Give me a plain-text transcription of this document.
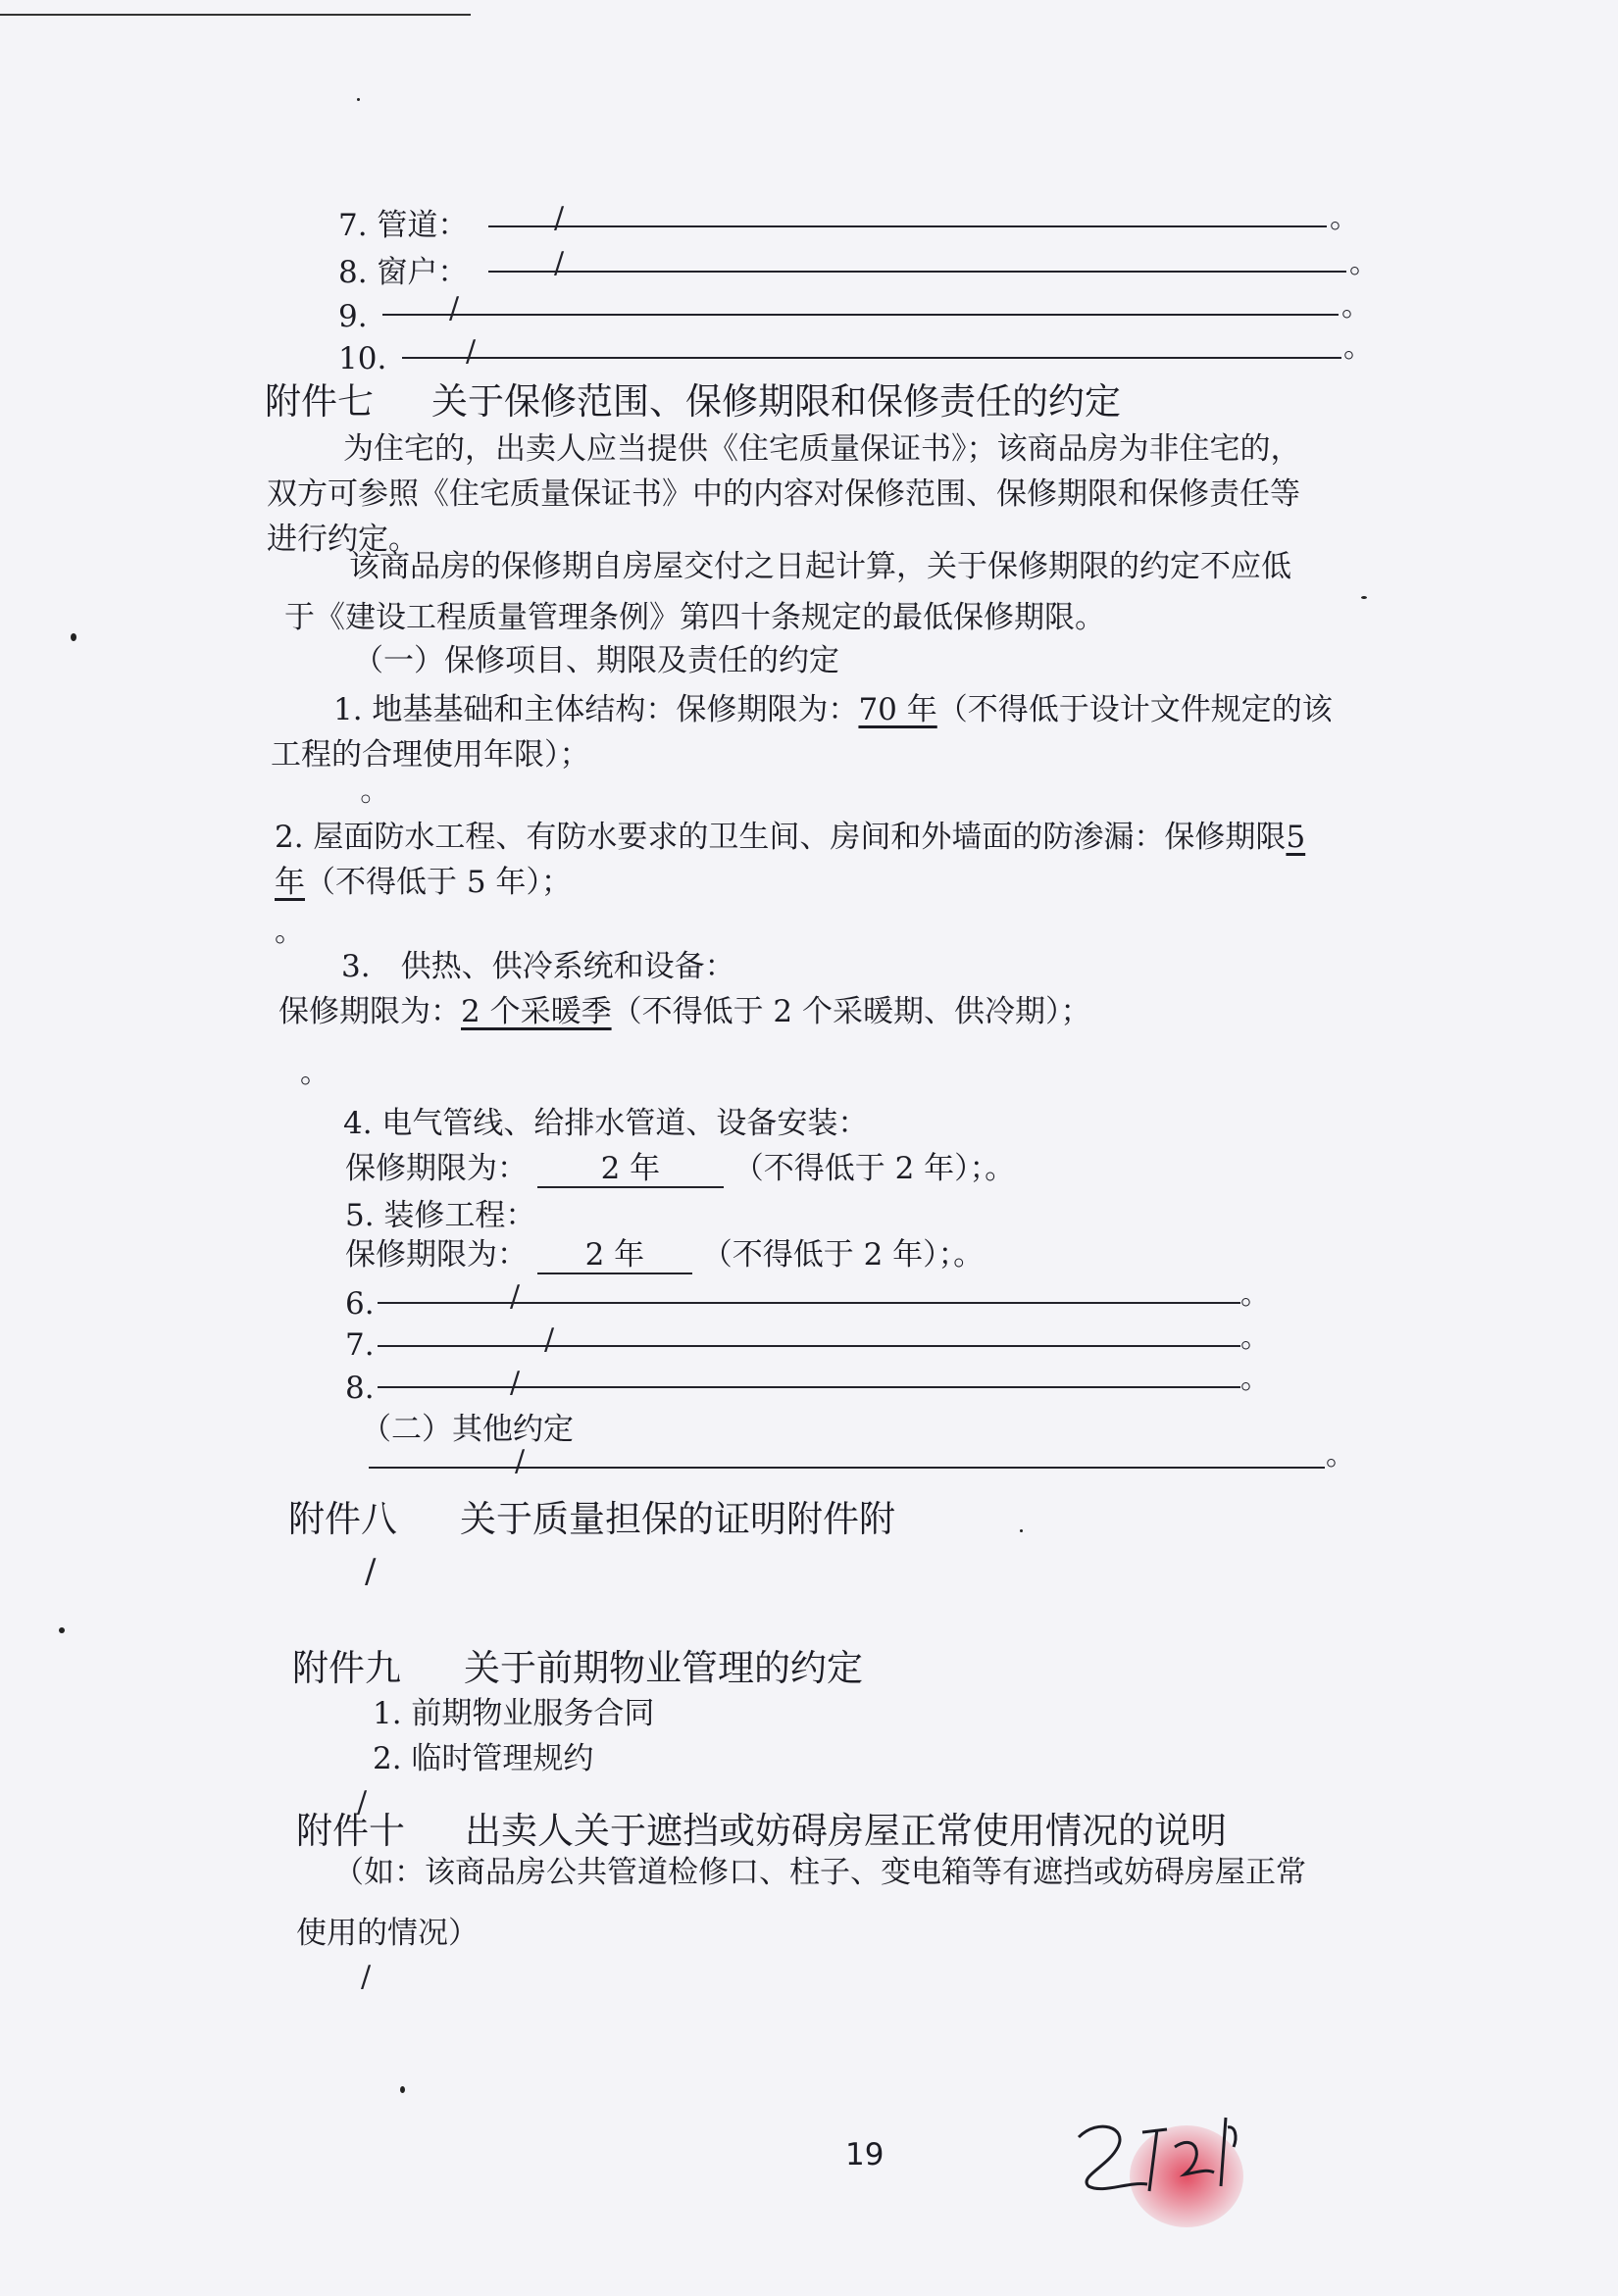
7. 管道：	/	。
8. 窗户：	/	。
9.	/	。
10.	/	。
附件七 关于保修范围、保修期限和保修责任的约定
为住宅的，出卖人应当提供《住宅质量保证书》；该商品房为非住宅的，
双方可参照《住宅质量保证书》中的内容对保修范围、保修期限和保修责任等
进行约定。
该商品房的保修期自房屋交付之日起计算，关于保修期限的约定不应低
于《建设工程质量管理条例》第四十条规定的最低保修期限。
（一）保修项目、期限及责任的约定
1. 地基基础和主体结构：保修期限为：70 年（不得低于设计文件规定的该
工程的合理使用年限）；
◦
2. 屋面防水工程、有防水要求的卫生间、房间和外墙面的防渗漏：保修期限5
年（不得低于 5 年）；
。
3.　供热、供冷系统和设备：
保修期限为：2 个采暖季（不得低于 2 个采暖期、供冷期）；
。
4. 电气管线、给排水管道、设备安装：
保修期限为： 2 年 （不得低于 2 年）；。
5. 装修工程：
保修期限为： 2 年 （不得低于 2 年）；。
6.	/	。
7.	/	。
8.	/	。
（二）其他约定
/	。
附件八 关于质量担保的证明附件附
/
附件九 关于前期物业管理的约定
1. 前期物业服务合同
2. 临时管理规约
/
附件十 出卖人关于遮挡或妨碍房屋正常使用情况的说明
（如：该商品房公共管道检修口、柱子、变电箱等有遮挡或妨碍房屋正常
使用的情况）
/
19
